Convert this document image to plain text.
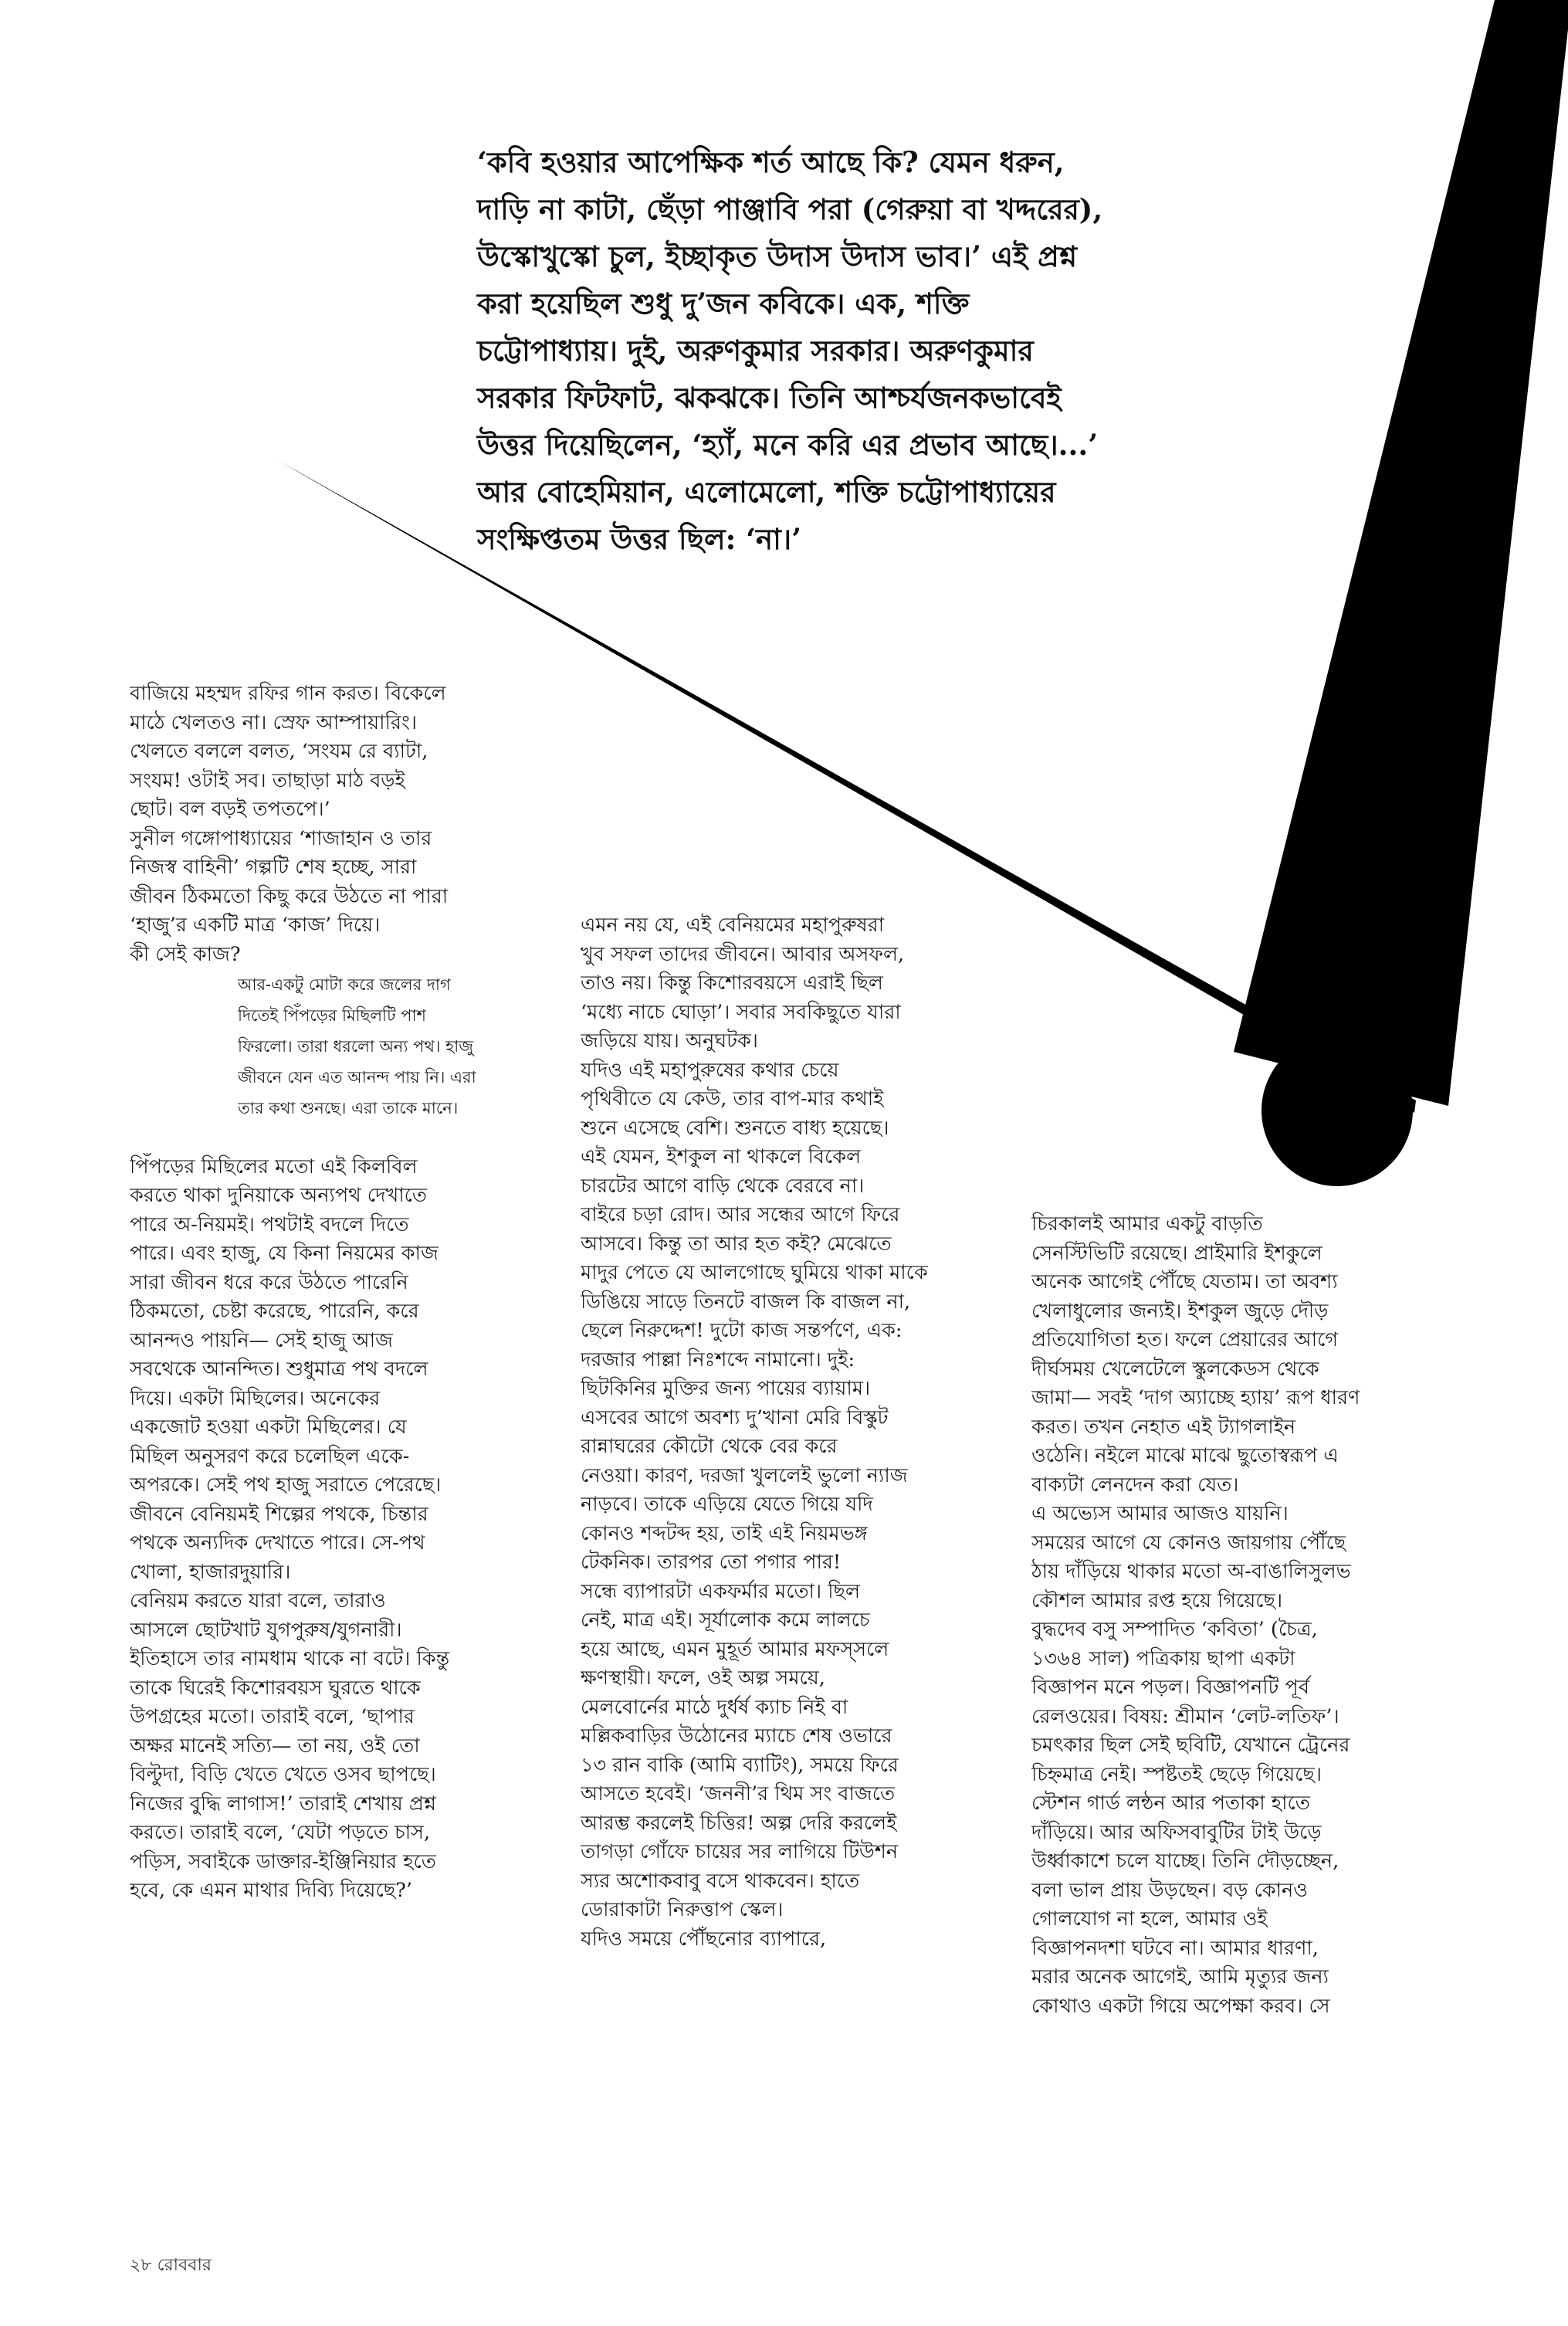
‘কবি হওয়ার আপেক্ষিক শর্ত আছে কি? যেমন ধরুন,
দাড়ি না কাটা, ছেঁড়া পাঞ্জাবি পরা (গেরুয়া বা খদ্দরের),
উস্কোখুস্কো চুল, ইচ্ছাকৃত উদাস উদাস ভাব।’ এই প্রশ্ন
করা হয়েছিল শুধু দু’জন কবিকে। এক, শক্তি
চট্টোপাধ্যায়। দুই, অরুণকুমার সরকার। অরুণকুমার
সরকার ফিটফাট, ঝকঝকে। তিনি আশ্চর্যজনকভাবেই
উত্তর দিয়েছিলেন, ‘হ্যাঁ, মনে করি এর প্রভাব আছে।...’
আর বোহেমিয়ান, এলোমেলো, শক্তি চট্টোপাধ্যায়ের
সংক্ষিপ্ততম উত্তর ছিল: ‘না।’
বাজিয়ে মহম্মদ রফির গান করত। বিকেলে
মাঠে খেলতও না। স্রেফ আম্পায়ারিং।
খেলতে বললে বলত, ‘সংযম রে ব্যাটা,
সংযম! ওটাই সব। তাছাড়া মাঠ বড়ই
ছোট। বল বড়ই তপতপে।’
সুনীল গঙ্গোপাধ্যায়ের ‘শাজাহান ও তার
নিজস্ব বাহিনী’ গল্পটি শেষ হচ্ছে, সারা
জীবন ঠিকমতো কিছু করে উঠতে না পারা
‘হাজু’র একটি মাত্র ‘কাজ’ দিয়ে।
কী সেই কাজ?
আর-একটু মোটা করে জলের দাগ
দিতেই পিঁপড়ের মিছিলটি পাশ
ফিরলো। তারা ধরলো অন্য পথ। হাজু
জীবনে যেন এত আনন্দ পায় নি। এরা
তার কথা শুনছে। এরা তাকে মানে।
পিঁপড়ের মিছিলের মতো এই কিলবিল
করতে থাকা দুনিয়াকে অন্যপথ দেখাতে
পারে অ-নিয়মই। পথটাই বদলে দিতে
পারে। এবং হাজু, যে কিনা নিয়মের কাজ
সারা জীবন ধরে করে উঠতে পারেনি
ঠিকমতো, চেষ্টা করেছে, পারেনি, করে
আনন্দও পায়নি— সেই হাজু আজ
সবথেকে আনন্দিত। শুধুমাত্র পথ বদলে
দিয়ে। একটা মিছিলের। অনেকের
একজোট হওয়া একটা মিছিলের। যে
মিছিল অনুসরণ করে চলেছিল একে-
অপরকে। সেই পথ হাজু সরাতে পেরেছে।
জীবনে বেনিয়মই শিল্পের পথকে, চিন্তার
পথকে অন্যদিক দেখাতে পারে। সে-পথ
খোলা, হাজারদুয়ারি।
বেনিয়ম করতে যারা বলে, তারাও
আসলে ছোটখাট যুগপুরুষ/যুগনারী।
ইতিহাসে তার নামধাম থাকে না বটে। কিন্তু
তাকে ঘিরেই কিশোরবয়স ঘুরতে থাকে
উপগ্রহের মতো। তারাই বলে, ‘ছাপার
অক্ষর মানেই সত্যি— তা নয়, ওই তো
বিল্টুদা, বিড়ি খেতে খেতে ওসব ছাপছে।
নিজের বুদ্ধি লাগাস!’ তারাই শেখায় প্রশ্ন
করতে। তারাই বলে, ‘যেটা পড়তে চাস,
পড়িস, সবাইকে ডাক্তার-ইঞ্জিনিয়ার হতে
হবে, কে এমন মাথার দিব্যি দিয়েছে?’
এমন নয় যে, এই বেনিয়মের মহাপুরুষরা
খুব সফল তাদের জীবনে। আবার অসফল,
তাও নয়। কিন্তু কিশোরবয়সে এরাই ছিল
‘মধ্যে নাচে ঘোড়া’। সবার সবকিছুতে যারা
জড়িয়ে যায়। অনুঘটক।
যদিও এই মহাপুরুষের কথার চেয়ে
পৃথিবীতে যে কেউ, তার বাপ-মার কথাই
শুনে এসেছে বেশি। শুনতে বাধ্য হয়েছে।
এই যেমন, ইশকুল না থাকলে বিকেল
চারটের আগে বাড়ি থেকে বেরবে না।
বাইরে চড়া রোদ। আর সন্ধের আগে ফিরে
আসবে। কিন্তু তা আর হত কই? মেঝেতে
মাদুর পেতে যে আলগোছে ঘুমিয়ে থাকা মাকে
ডিঙিয়ে সাড়ে তিনটে বাজল কি বাজল না,
ছেলে নিরুদ্দেশ! দুটো কাজ সন্তর্পণে, এক:
দরজার পাল্লা নিঃশব্দে নামানো। দুই:
ছিটকিনির মুক্তির জন্য পায়ের ব্যায়াম।
এসবের আগে অবশ্য দু’খানা মেরি বিস্কুট
রান্নাঘরের কৌটো থেকে বের করে
নেওয়া। কারণ, দরজা খুললেই ভুলো ন্যাজ
নাড়বে। তাকে এড়িয়ে যেতে গিয়ে যদি
কোনও শব্দটব্দ হয়, তাই এই নিয়মভঙ্গ
টেকনিক। তারপর তো পগার পার!
সন্ধে ব্যাপারটা একফর্মার মতো। ছিল
নেই, মাত্র এই। সূর্যালোক কমে লালচে
হয়ে আছে, এমন মুহূর্ত আমার মফস্সলে
ক্ষণস্থায়ী। ফলে, ওই অল্প সময়ে,
মেলবোর্নের মাঠে দুর্ধর্ষ ক্যাচ নিই বা
মল্লিকবাড়ির উঠোনের ম্যাচে শেষ ওভারে
১৩ রান বাকি (আমি ব্যাটিং), সময়ে ফিরে
আসতে হবেই। ‘জননী’র থিম সং বাজতে
আরম্ভ করলেই চিত্তির! অল্প দেরি করলেই
তাগড়া গোঁফে চায়ের সর লাগিয়ে টিউশন
স্যর অশোকবাবু বসে থাকবেন। হাতে
ডোরাকাটা নিরুত্তাপ স্কেল।
যদিও সময়ে পৌঁছনোর ব্যাপারে,
চিরকালই আমার একটু বাড়তি
সেনস্টিভিটি রয়েছে। প্রাইমারি ইশকুলে
অনেক আগেই পৌঁছে যেতাম। তা অবশ্য
খেলাধুলোর জন্যই। ইশকুল জুড়ে দৌড়
প্রতিযোগিতা হত। ফলে প্রেয়ারের আগে
দীর্ঘসময় খেলেটেলে স্কুলকেডস থেকে
জামা— সবই ‘দাগ অ্যাচ্ছে হ্যায়’ রূপ ধারণ
করত। তখন নেহাত এই ট্যাগলাইন
ওঠেনি। নইলে মাঝে মাঝে ছুতোস্বরূপ এ
বাক্যটা লেনদেন করা যেত।
এ অভ্যেস আমার আজও যায়নি।
সময়ের আগে যে কোনও জায়গায় পৌঁছে
ঠায় দাঁড়িয়ে থাকার মতো অ-বাঙালিসুলভ
কৌশল আমার রপ্ত হয়ে গিয়েছে।
বুদ্ধদেব বসু সম্পাদিত ‘কবিতা’ (চৈত্র,
১৩৬৪ সাল) পত্রিকায় ছাপা একটা
বিজ্ঞাপন মনে পড়ল। বিজ্ঞাপনটি পূর্ব
রেলওয়ের। বিষয়: শ্রীমান ‘লেট-লতিফ’।
চমৎকার ছিল সেই ছবিটি, যেখানে ট্রেনের
চিহ্নমাত্র নেই। স্পষ্টতই ছেড়ে গিয়েছে।
স্টেশন গার্ড লন্ঠন আর পতাকা হাতে
দাঁড়িয়ে। আর অফিসবাবুটির টাই উড়ে
উর্ধ্বাকাশে চলে যাচ্ছে। তিনি দৌড়চ্ছেন,
বলা ভাল প্রায় উড়ছেন। বড় কোনও
গোলযোগ না হলে, আমার ওই
বিজ্ঞাপনদশা ঘটবে না। আমার ধারণা,
মরার অনেক আগেই, আমি মৃত্যুর জন্য
কোথাও একটা গিয়ে অপেক্ষা করব। সে
২৮ রোববার
